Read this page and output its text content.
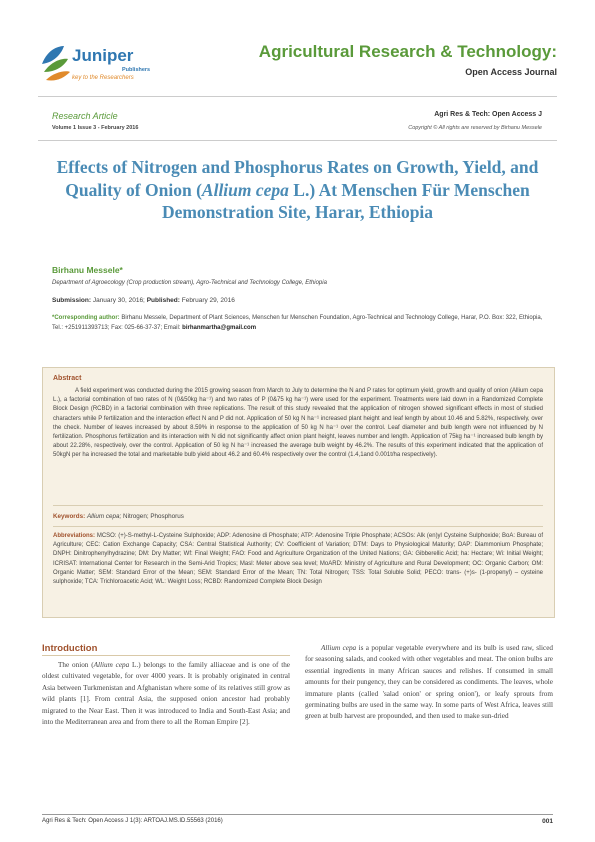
Juniper
Publishers
key to the Researchers
Agricultural Research & Technology:
Open Access Journal
Research Article
Volume 1 Issue 3 - February 2016
Agri Res & Tech: Open Access J
Copyright © All rights are reserved by Birhanu Messele
Effects of Nitrogen and Phosphorus Rates on Growth, Yield, and Quality of Onion (Allium cepa L.) At Menschen Für Menschen Demonstration Site, Harar, Ethiopia
Birhanu Messele*
Department of Agroecology (Crop production stream), Agro-Technical and Technology College, Ethiopia
Submission: January 30, 2016; Published: February 29, 2016
*Corresponding author: Birhanu Messele, Department of Plant Sciences, Menschen fur Menschen Foundation, Agro-Technical and Technology College, Harar, P.O. Box: 322, Ethiopia, Tel.: +251911393713; Fax: 025-66-37-37; Email: birhanmartha@gmail.com
Abstract
A field experiment was conducted during the 2015 growing season from March to July to determine the N and P rates for optimum yield, growth and quality of onion (Allium cepa L.), a factorial combination of two rates of N (0&50kg ha⁻¹) and two rates of P (0&75 kg ha⁻¹) were used for the experiment. Treatments were laid down in a Randomized Complete Block Design (RCBD) in a factorial combination with three replications. The result of this study revealed that the application of nitrogen showed significant effects in most of studied characters while P fertilization and the interaction effect N and P did not. Application of 50 kg N ha⁻¹ increased plant height and leaf length by about 10.46 and 5.82%, respectively, over the check. Number of leaves increased by about 8.59% in response to the application of 50 kg N ha⁻¹ over the control. Leaf diameter and bulb length were not influenced by N fertilization. Phosphorus fertilization and its interaction with N did not significantly affect onion plant height, leaves number and length. Application of 75kg ha⁻¹ increased bulb length by about 22.28%, respectively, over the control. Application of 50 kg N ha⁻¹ increased the average bulb weight by 46.2%. The results of this experiment indicated that the application of 50kgN per ha increased the total and marketable bulb yield about 46.2 and 60.4% respectively over the control (1.4,1and 0.001t/ha respectively).
Keywords: Allium cepa; Nitrogen; Phosphorus
Abbreviations: MCSO: (+)-S-methyl-L-Cysteine Sulphoxide; ADP: Adenosine di Phosphate; ATP: Adenosine Triple Phosphate; ACSOs: Alk (en)yl Cysteine Sulphoxide; BoA: Bureau of Agriculture; CEC: Cation Exchange Capacity; CSA: Central Statistical Authority; CV: Coefficient of Variation; DTM: Days to Physiological Maturity; DAP: Diammonium Phosphate; DNPH: Dinitrophenylhydrazine; DM: Dry Matter; Wf: Final Weight; FAO: Food and Agriculture Organization of the United Nations; GA: Gibberellic Acid; ha: Hectare; Wi: Initial Weight; ICRISAT: International Center for Research in the Semi-Arid Tropics; Masl: Meter above sea level; MoARD: Ministry of Agriculture and Rural Development; OC: Organic Carbon; OM: Organic Matter; SEM: Standard Error of the Mean; SEM: Standard Error of the Mean; TN: Total Nitrogen; TSS: Total Soluble Solid; PECO: trans- (+)s- (1-propenyl) – cysteine sulphoxide; TCA: Trichloroacetic Acid; WL: Weight Loss; RCBD: Randomized Complete Block Design
Introduction
The onion (Allium cepa L.) belongs to the family alliaceae and is one of the oldest cultivated vegetable, for over 4000 years. It is probably originated in central Asia between Turkmenistan and Afghanistan where some of its relatives still grow as wild plants [1]. From central Asia, the supposed onion ancestor had probably migrated to the Near East. Then it was introduced to India and South-East Asia; and into the Mediterranean area and from there to all the Roman Empire [2].
Allium cepa is a popular vegetable everywhere and its bulb is used raw, sliced for seasoning salads, and cooked with other vegetables and meat. The onion bulbs are essential ingredients in many African sauces and relishes. If consumed in small amounts for their pungency, they can be considered as condiments. The leaves, whole immature plants (called 'salad onion' or spring onion'), or leafy sprouts from germinating bulbs are used in the same way. In some parts of West Africa, leaves still green at bulb harvest are propounded, and then used to make sun-dried
Agri Res & Tech: Open Access J 1(3): ARTOAJ.MS.ID.55563 (2016)	001
